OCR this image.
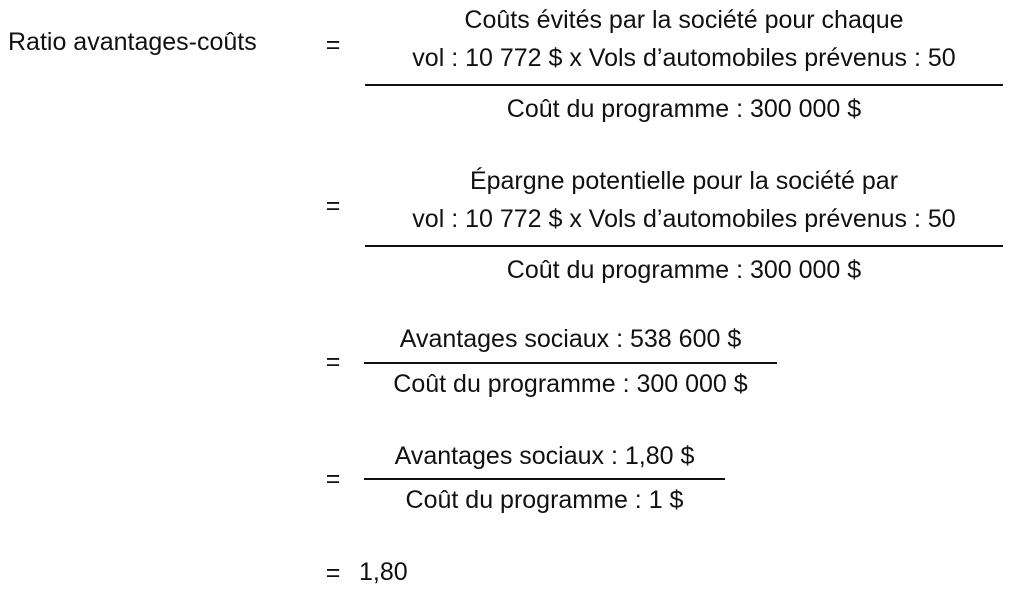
Ratio avantages-coûts	=
Coûts évités par la société pour chaque
vol : 10 772 $ x Vols d’automobiles prévenus : 50
Coût du programme : 300 000 $
=
Épargne potentielle pour la société par
vol : 10 772 $ x Vols d’automobiles prévenus : 50
Coût du programme : 300 000 $
=
Avantages sociaux : 538 600 $
Coût du programme : 300 000 $
=
Avantages sociaux : 1,80 $
Coût du programme : 1 $
= 1,80
